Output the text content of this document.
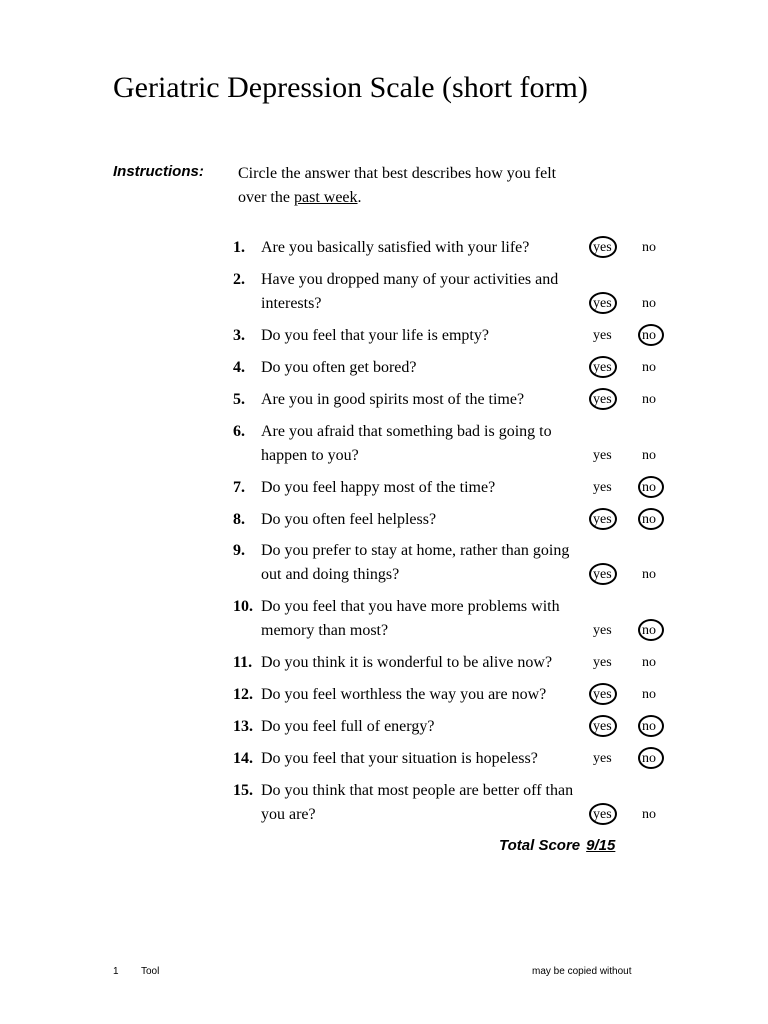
Geriatric Depression Scale (short form)
Instructions: Circle the answer that best describes how you felt over the past week.
1. Are you basically satisfied with your life?	yes no
2. Have you dropped many of your activities and interests?	yes no
3. Do you feel that your life is empty?	yes no
4. Do you often get bored?	yes no
5. Are you in good spirits most of the time?	yes no
6. Are you afraid that something bad is going to happen to you?	yes no
7. Do you feel happy most of the time?	yes no
8. Do you often feel helpless?	yes no
9. Do you prefer to stay at home, rather than going out and doing things?	yes no
10. Do you feel that you have more problems with memory than most?	yes no
11. Do you think it is wonderful to be alive now?	yes no
12. Do you feel worthless the way you are now?	yes no
13. Do you feel full of energy?	yes no
14. Do you feel that your situation is hopeless?	yes no
15. Do you think that most people are better off than you are?	yes no
Total Score 9/15
1 Tool	may be copied without
